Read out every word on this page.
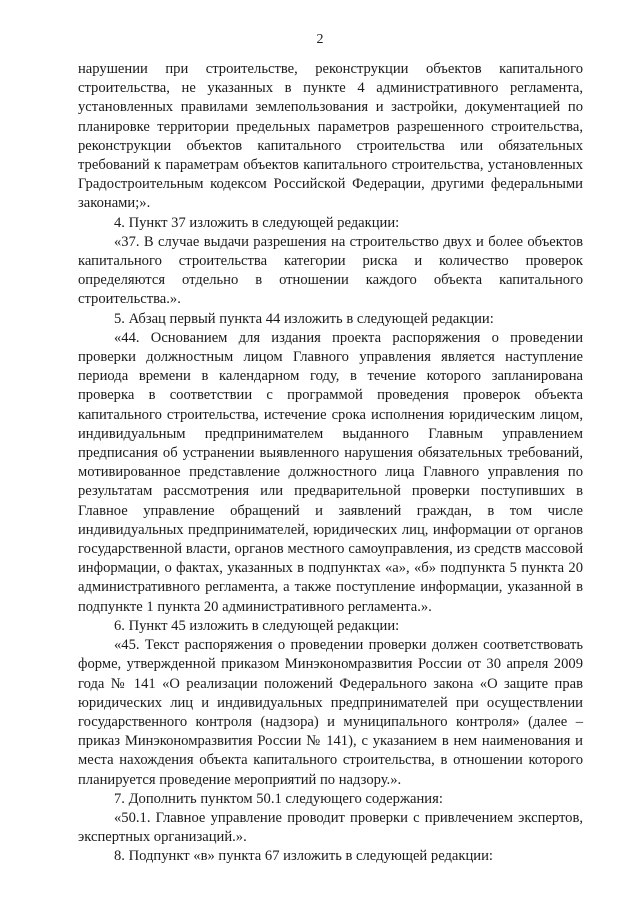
2

нарушении при строительстве, реконструкции объектов капитального строительства, не указанных в пункте 4 административного регламента, установленных правилами землепользования и застройки, документацией по планировке территории предельных параметров разрешенного строительства, реконструкции объектов капитального строительства или обязательных требований к параметрам объектов капитального строительства, установленных Градостроительным кодексом Российской Федерации, другими федеральными законами;».

4. Пункт 37 изложить в следующей редакции:

«37. В случае выдачи разрешения на строительство двух и более объектов капитального строительства категории риска и количество проверок определяются отдельно в отношении каждого объекта капитального строительства.».

5. Абзац первый пункта 44 изложить в следующей редакции:

«44. Основанием для издания проекта распоряжения о проведении проверки должностным лицом Главного управления является наступление периода времени в календарном году, в течение которого запланирована проверка в соответствии с программой проведения проверок объекта капитального строительства, истечение срока исполнения юридическим лицом, индивидуальным предпринимателем выданного Главным управлением предписания об устранении выявленного нарушения обязательных требований, мотивированное представление должностного лица Главного управления по результатам рассмотрения или предварительной проверки поступивших в Главное управление обращений и заявлений граждан, в том числе индивидуальных предпринимателей, юридических лиц, информации от органов государственной власти, органов местного самоуправления, из средств массовой информации, о фактах, указанных в подпунктах «а», «б» подпункта 5 пункта 20 административного регламента, а также поступление информации, указанной в подпункте 1 пункта 20 административного регламента.».

6. Пункт 45 изложить в следующей редакции:

«45. Текст распоряжения о проведении проверки должен соответствовать форме, утвержденной приказом Минэкономразвития России от 30 апреля 2009 года № 141 «О реализации положений Федерального закона «О защите прав юридических лиц и индивидуальных предпринимателей при осуществлении государственного контроля (надзора) и муниципального контроля» (далее – приказ Минэкономразвития России № 141), с указанием в нем наименования и места нахождения объекта капитального строительства, в отношении которого планируется проведение мероприятий по надзору.».

7. Дополнить пунктом 50.1 следующего содержания:

«50.1. Главное управление проводит проверки с привлечением экспертов, экспертных организаций.».

8. Подпункт «в» пункта 67 изложить в следующей редакции:
